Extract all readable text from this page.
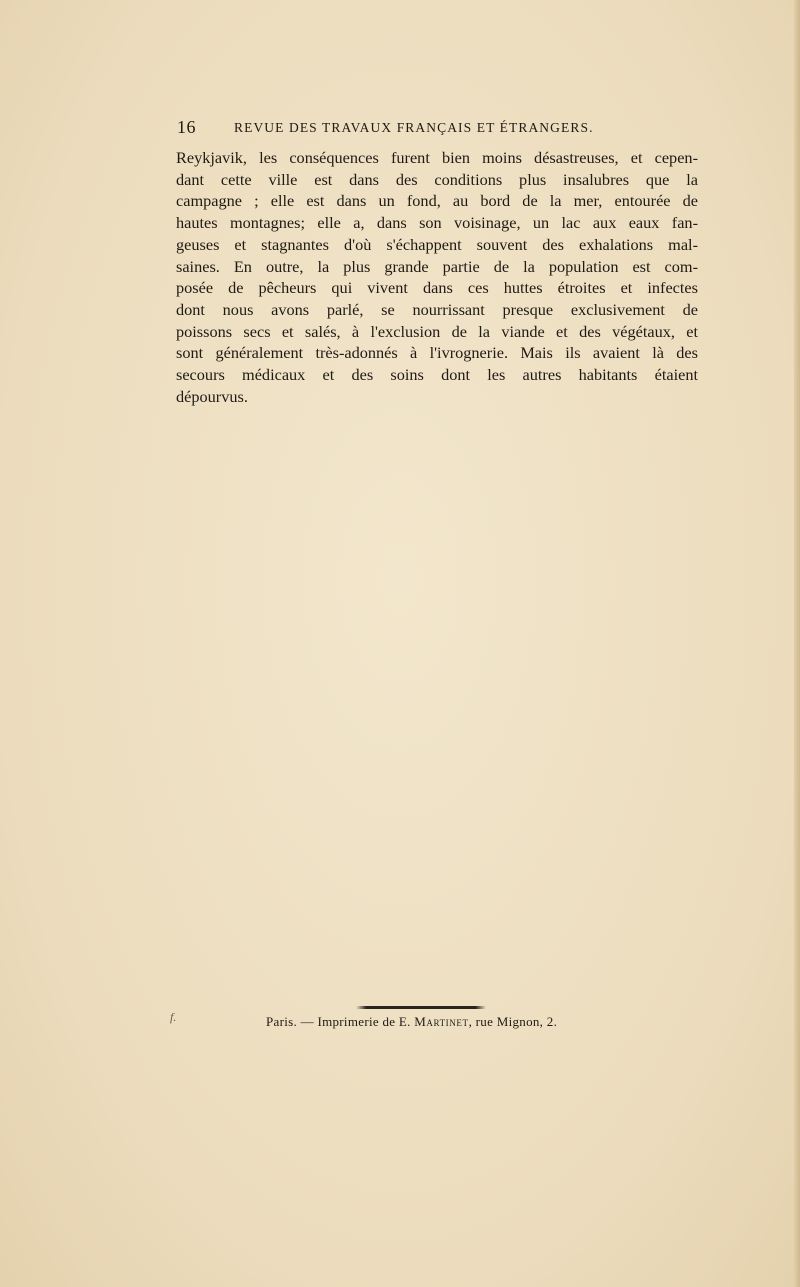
16	REVUE DES TRAVAUX FRANÇAIS ET ÉTRANGERS.
Reykjavik, les conséquences furent bien moins désastreuses, et cepen-
dant cette ville est dans des conditions plus insalubres que la
campagne ; elle est dans un fond, au bord de la mer, entourée de
hautes montagnes; elle a, dans son voisinage, un lac aux eaux fan-
geuses et stagnantes d'où s'échappent souvent des exhalations mal-
saines. En outre, la plus grande partie de la population est com-
posée de pêcheurs qui vivent dans ces huttes étroites et infectes
dont nous avons parlé, se nourrissant presque exclusivement de
poissons secs et salés, à l'exclusion de la viande et des végétaux, et
sont généralement très-adonnés à l'ivrognerie. Mais ils avaient là des
secours médicaux et des soins dont les autres habitants étaient
dépourvus.
f.	Paris. — Imprimerie de E. Martinet, rue Mignon, 2.
